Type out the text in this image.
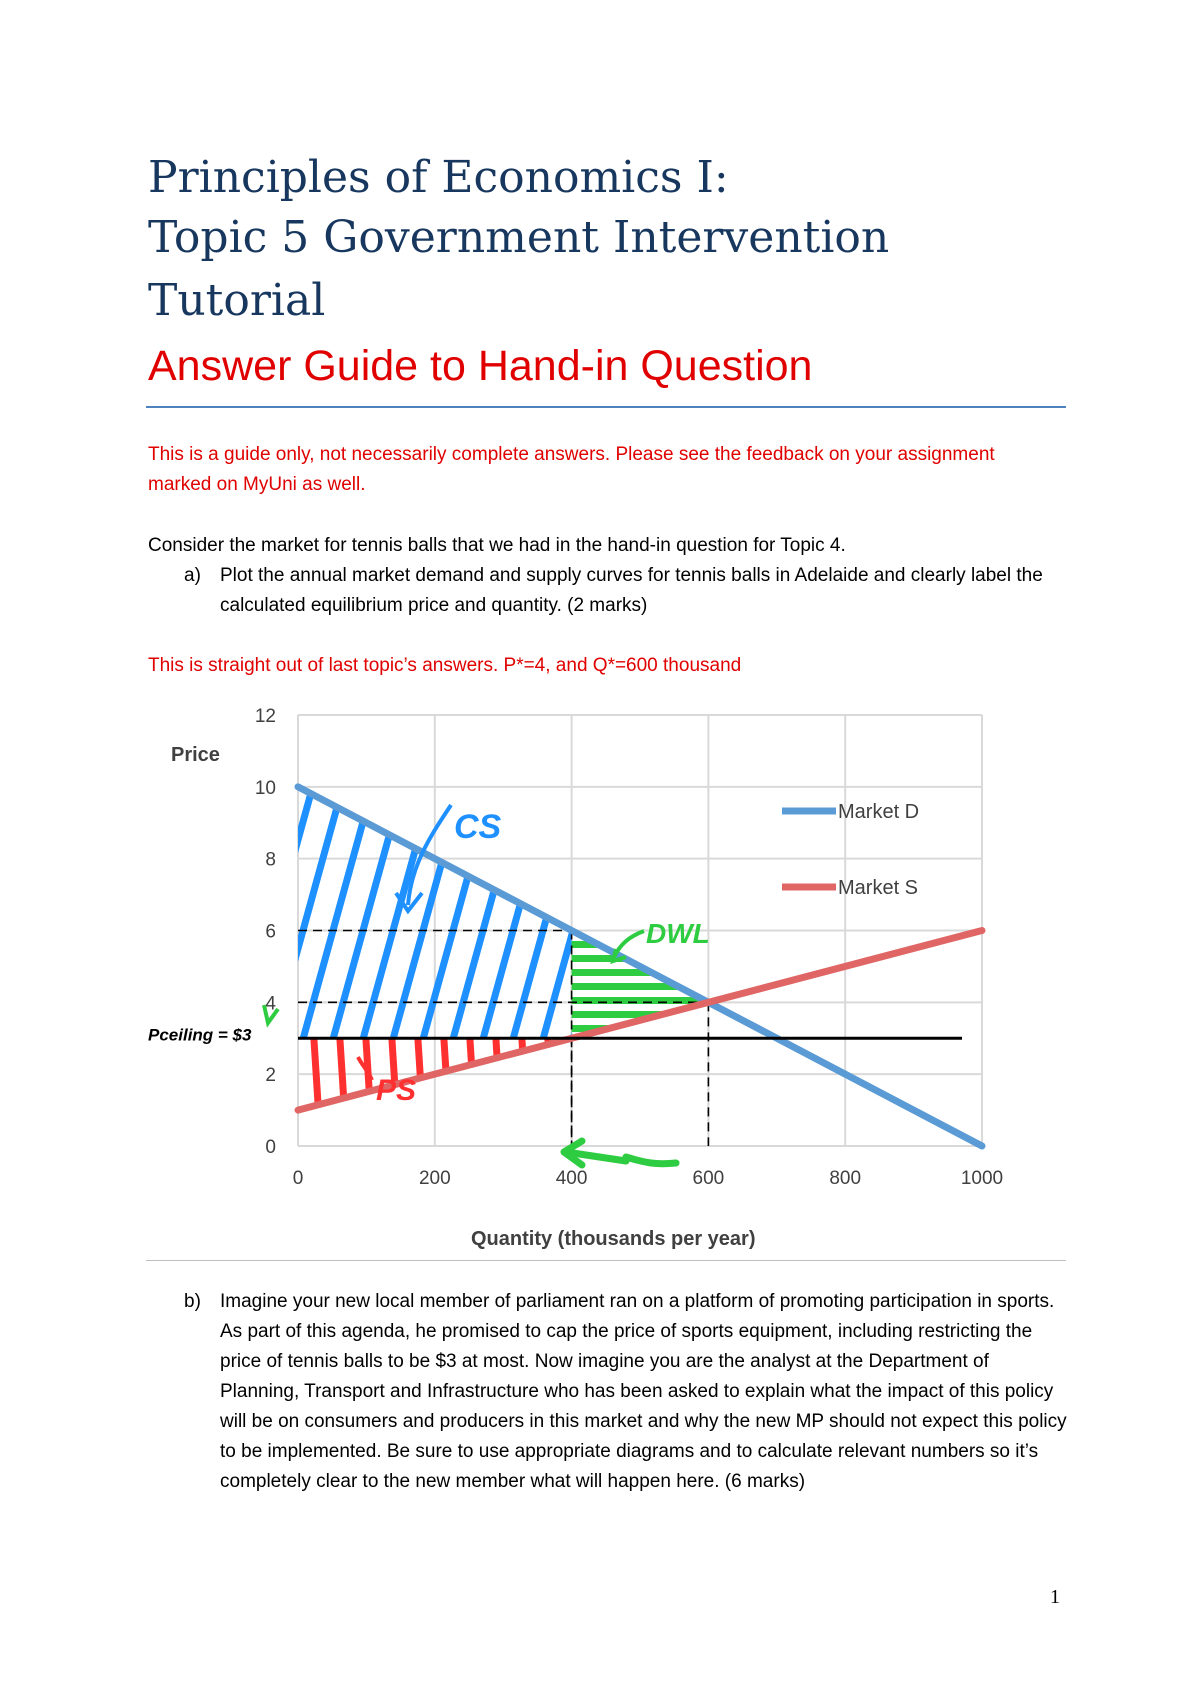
Principles of Economics I:
Topic 5 Government Intervention
Tutorial
Answer Guide to Hand-in Question
This is a guide only, not necessarily complete answers. Please see the feedback on your assignment marked on MyUni as well.
Consider the market for tennis balls that we had in the hand-in question for Topic 4.
a) Plot the annual market demand and supply curves for tennis balls in Adelaide and clearly label the calculated equilibrium price and quantity. (2 marks)
This is straight out of last topic’s answers. P*=4, and Q*=600 thousand
0
2
4
6
8
10
12
0	200	400	600	800	1000
Market D
Market S
CS
PS
DWL
Pceiling = $3
Price
Quantity (thousands per year)
b) Imagine your new local member of parliament ran on a platform of promoting participation in sports. As part of this agenda, he promised to cap the price of sports equipment, including restricting the price of tennis balls to be $3 at most. Now imagine you are the analyst at the Department of Planning, Transport and Infrastructure who has been asked to explain what the impact of this policy will be on consumers and producers in this market and why the new MP should not expect this policy to be implemented. Be sure to use appropriate diagrams and to calculate relevant numbers so it’s completely clear to the new member what will happen here. (6 marks)
1
